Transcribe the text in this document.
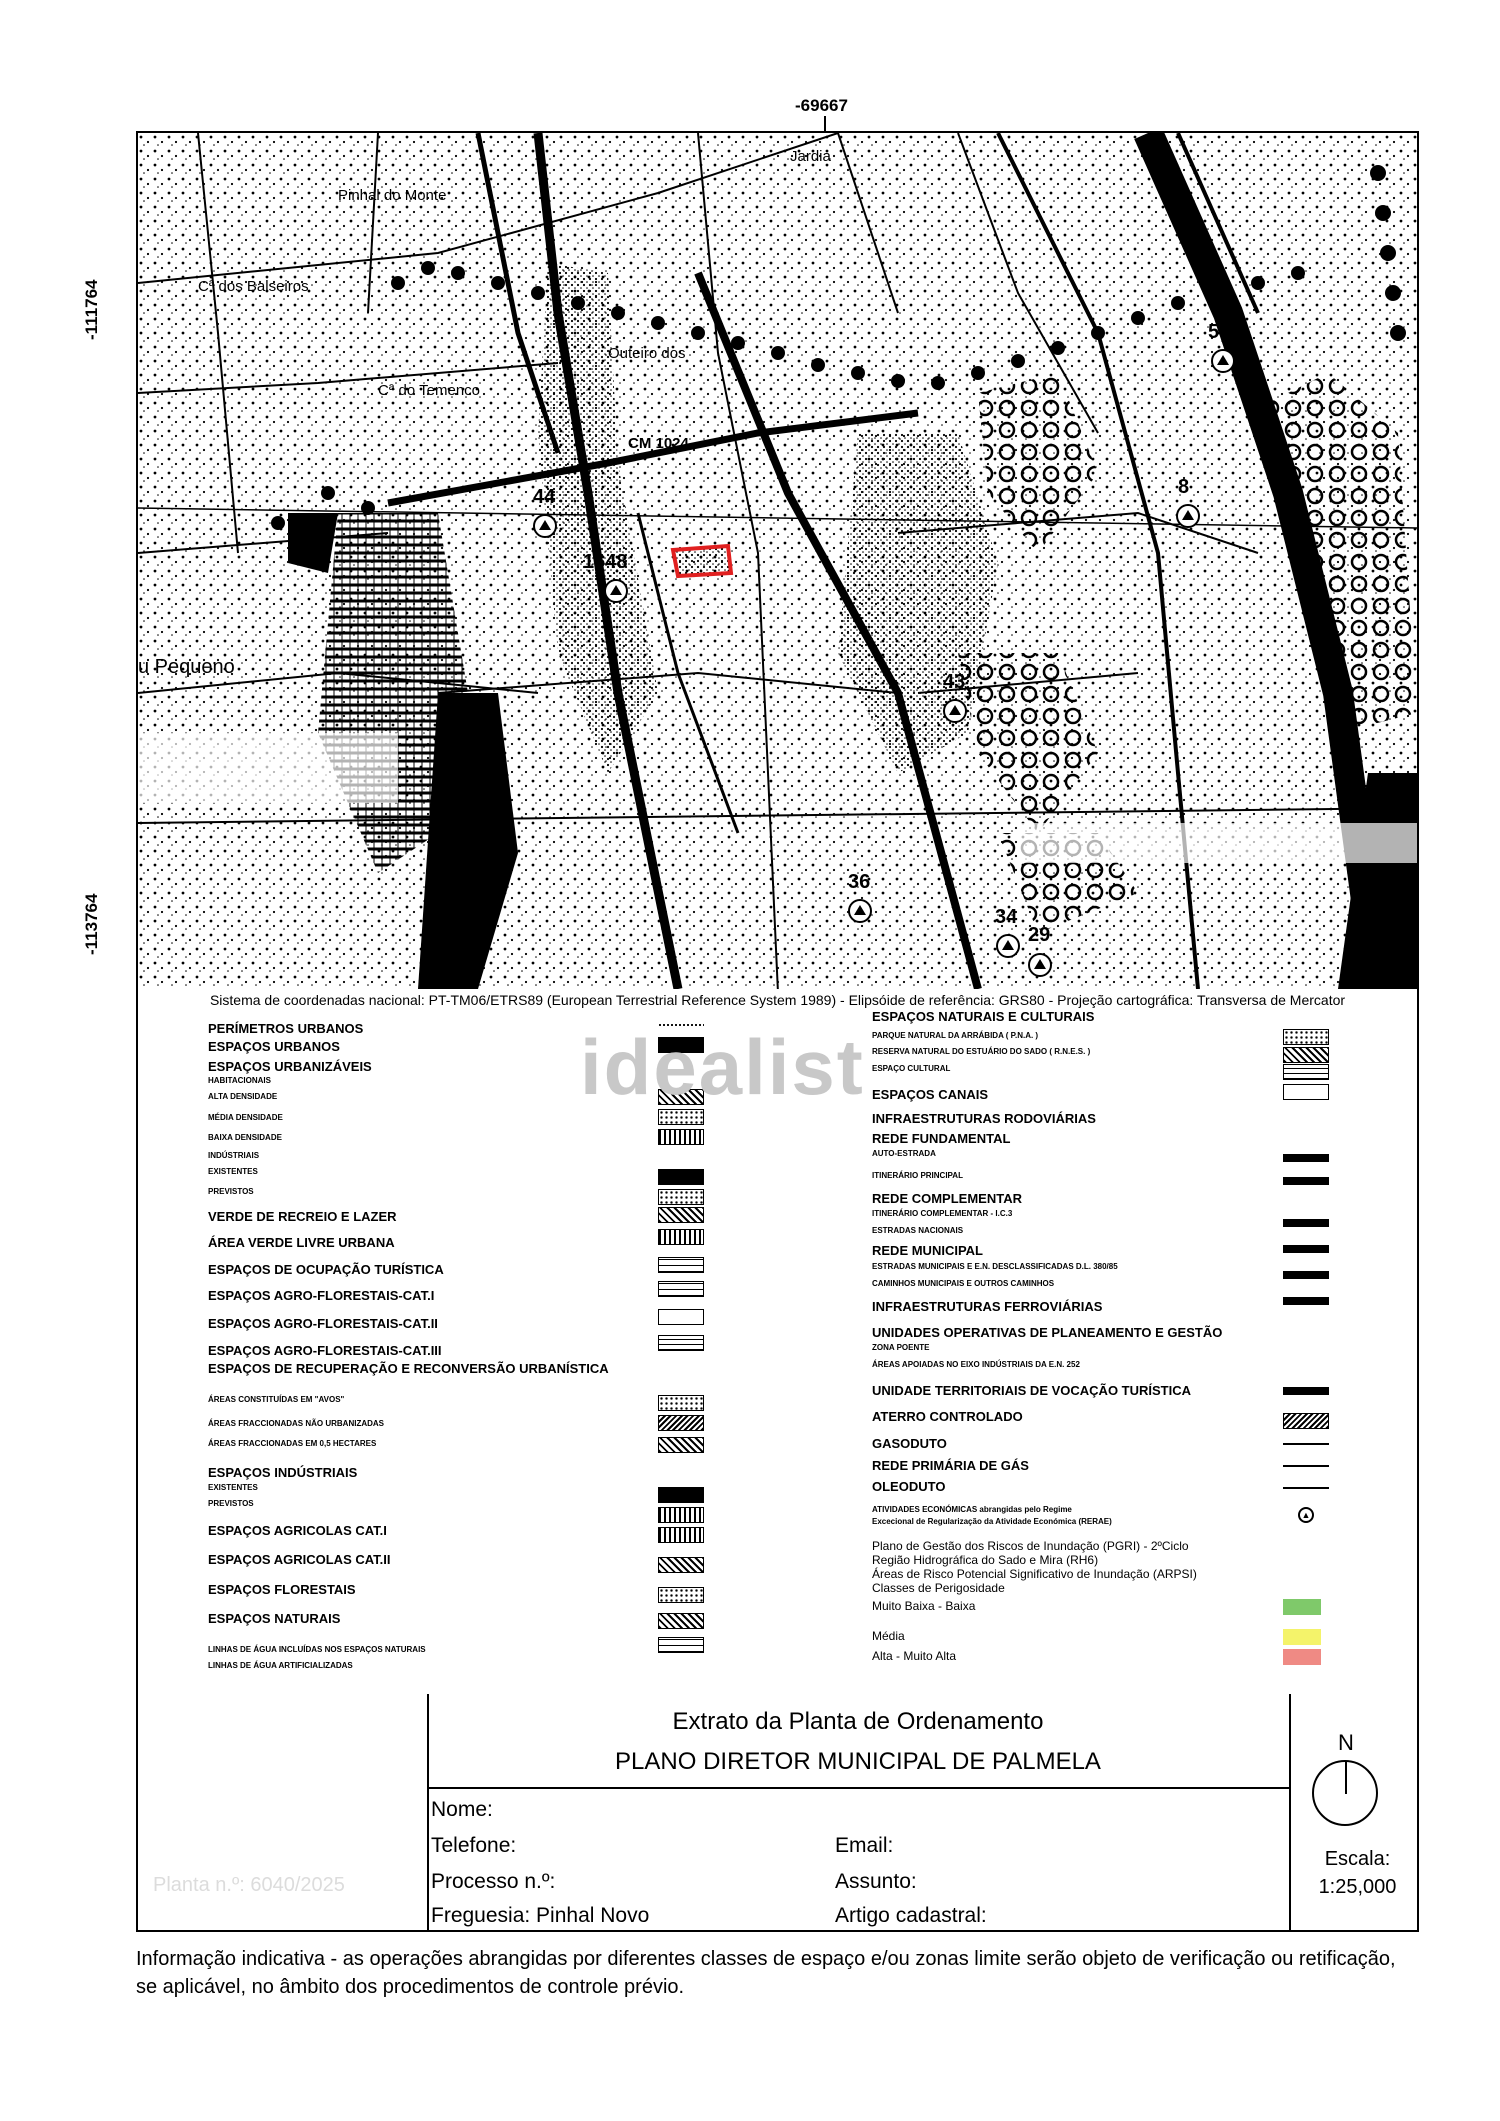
-69667
-111764
-113764
Jardia
Pinhal do Monte
Cª dos Balseiros
Cª do Temenco
Outeiro dos
CM 1024
u Pequeno
50
44	8
1648
43
36
34
29
Sistema de coordenadas nacional: PT-TM06/ETRS89 (European Terrestrial Reference System 1989) - Elipsóide de referência: GRS80 - Projeção cartográfica: Transversa de Mercator
PERÍMETROS URBANOS
ESPAÇOS URBANOS
ESPAÇOS URBANIZÁVEIS
HABITACIONAIS
ALTA DENSIDADE
MÉDIA DENSIDADE
BAIXA DENSIDADE
INDÚSTRIAIS
EXISTENTES
PREVISTOS
VERDE DE RECREIO E LAZER
ÁREA VERDE LIVRE URBANA
ESPAÇOS DE OCUPAÇÃO TURÍSTICA
ESPAÇOS AGRO-FLORESTAIS-CAT.I
ESPAÇOS AGRO-FLORESTAIS-CAT.II
ESPAÇOS AGRO-FLORESTAIS-CAT.III
ESPAÇOS DE RECUPERAÇÃO E RECONVERSÃO URBANÍSTICA
ÁREAS CONSTITUÍDAS EM "AVOS"
ÁREAS FRACCIONADAS NÃO URBANIZADAS
ÁREAS FRACCIONADAS EM 0,5 HECTARES
ESPAÇOS INDÚSTRIAIS
EXISTENTES
PREVISTOS
ESPAÇOS AGRICOLAS CAT.I
ESPAÇOS AGRICOLAS CAT.II
ESPAÇOS FLORESTAIS
ESPAÇOS NATURAIS
LINHAS DE ÁGUA INCLUÍDAS NOS ESPAÇOS NATURAIS
LINHAS DE ÁGUA ARTIFICIALIZADAS
ESPAÇOS NATURAIS E CULTURAIS
PARQUE NATURAL DA ARRÁBIDA ( P.N.A. )
RESERVA NATURAL DO ESTUÁRIO DO SADO ( R.N.E.S. )
ESPAÇO CULTURAL
ESPAÇOS CANAIS
INFRAESTRUTURAS RODOVIÁRIAS
REDE FUNDAMENTAL
AUTO-ESTRADA
ITINERÁRIO PRINCIPAL
REDE COMPLEMENTAR
ITINERÁRIO COMPLEMENTAR - I.C.3
ESTRADAS NACIONAIS
REDE MUNICIPAL
ESTRADAS MUNICIPAIS E E.N. DESCLASSIFICADAS D.L. 380/85
CAMINHOS MUNICIPAIS E OUTROS CAMINHOS
INFRAESTRUTURAS FERROVIÁRIAS
UNIDADES OPERATIVAS DE PLANEAMENTO E GESTÃO
ZONA POENTE
ÁREAS APOIADAS NO EIXO INDÚSTRIAIS DA E.N. 252
UNIDADE TERRITORIAIS DE VOCAÇÃO TURÍSTICA
ATERRO CONTROLADO
GASODUTO
REDE PRIMÁRIA DE GÁS
OLEODUTO
ATIVIDADES ECONÓMICAS abrangidas pelo Regime
Excecional de Regularização da Atividade Económica (RERAE)
Plano de Gestão dos Riscos de Inundação (PGRI) - 2ºCiclo
Região Hidrográfica do Sado e Mira (RH6)
Áreas de Risco Potencial Significativo de Inundação (ARPSI)
Classes de Perigosidade
Muito Baixa - Baixa
Média
Alta - Muito Alta
▲
idealist
Planta n.º: 6040/2025
Extrato da Planta de Ordenamento
PLANO DIRETOR MUNICIPAL DE PALMELA
Nome:
Telefone:	Email:
Processo n.º:	Assunto:
Freguesia: Pinhal Novo	Artigo cadastral:
N
Escala:
1:25,000
Informação indicativa - as operações abrangidas por diferentes classes de espaço e/ou zonas limite serão objeto de verificação ou retificação, se aplicável, no âmbito dos procedimentos de controle prévio.
